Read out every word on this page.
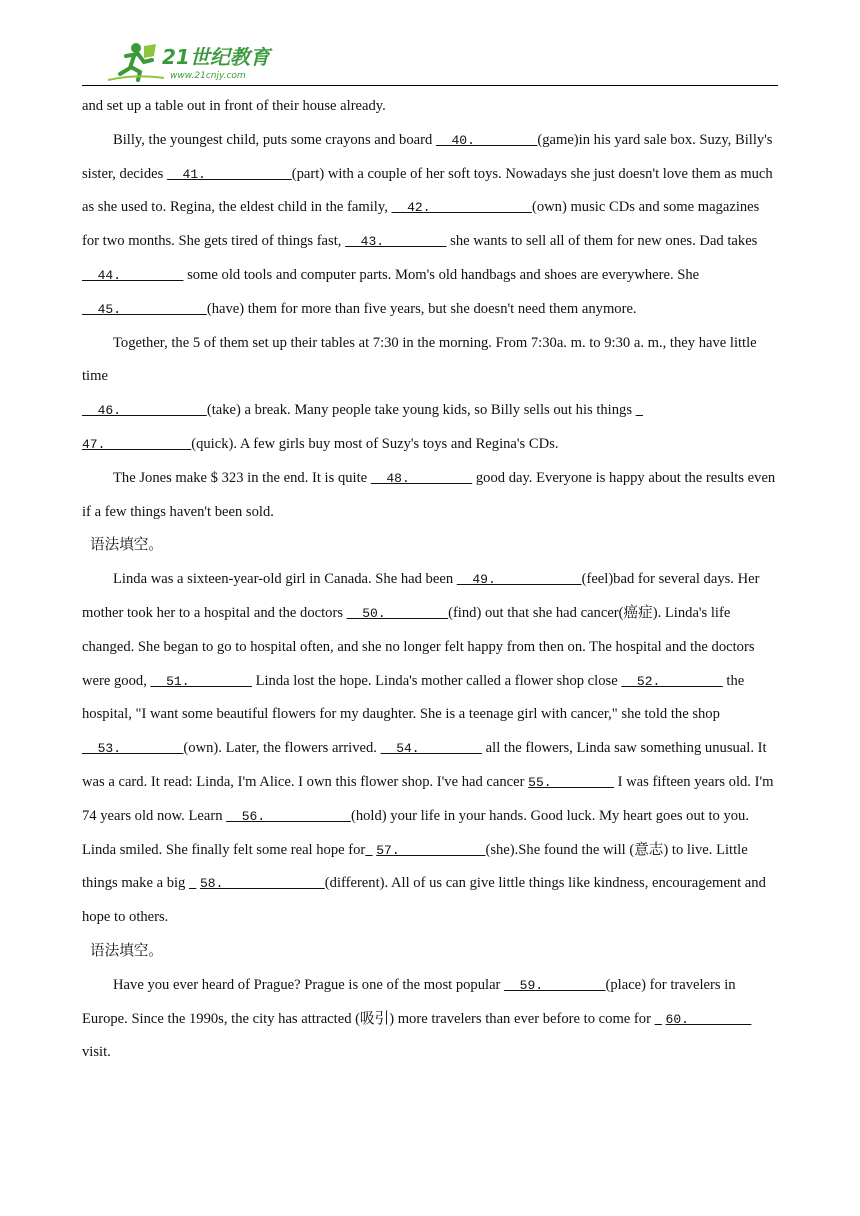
21世纪教育
www.21cnjy.com

and set up a table out in front of their house already.

Billy, the youngest child, puts some crayons and board   40.        (game)in his yard sale box. Suzy, Billy's sister, decides   41.           (part) with a couple of her soft toys. Nowadays she just doesn't love them as much as she used to. Regina, the eldest child in the family,   42.             (own) music CDs and some magazines for two months. She gets tired of things fast,   43.         she wants to sell all of them for new ones. Dad takes   44.         some old tools and computer parts. Mom's old handbags and shoes are everywhere. She   45.           (have) them for more than five years, but she doesn't need them anymore.

Together, the 5 of them set up their tables at 7:30 in the morning. From 7:30a. m. to 9:30 a. m., they have little time

46.           (take) a break. Many people take young kids, so Billy sells out his things    47.           (quick). A few girls buy most of Suzy's toys and Regina's CDs.

The Jones make $ 323 in the end. It is quite   48.         good day. Everyone is happy about the results even if a few things haven't been sold.

语法填空。

Linda was a sixteen-year-old girl in Canada. She had been   49.           (feel)bad for several days. Her mother took her to a hospital and the doctors   50.        (find) out that she had cancer(癌症). Linda's life changed. She began to go to hospital often, and she no longer felt happy from then on. The hospital and the doctors were good,   51.         Linda lost the hope. Linda's mother called a flower shop close   52.         the hospital, "I want some beautiful flowers for my daughter. She is a teenage girl with cancer," she told the shop   53.        (own). Later, the flowers arrived.   54.         all the flowers, Linda saw something unusual. It was a card. It read: Linda, I'm Alice. I own this flower shop. I've had cancer 55.         I was fifteen years old. I'm 74 years old now. Learn   56.           (hold) your life in your hands. Good luck. My heart goes out to you. Linda smiled. She finally felt some real hope for 57.           (she).She found the will (意志) to live. Little things make a big    58.             (different). All of us can give little things like kindness, encouragement and hope to others.

语法填空。

Have you ever heard of Prague? Prague is one of the most popular   59.        (place) for travelers in Europe. Since the 1990s, the city has attracted (吸引) more travelers than ever before to come for    60.         visit.
